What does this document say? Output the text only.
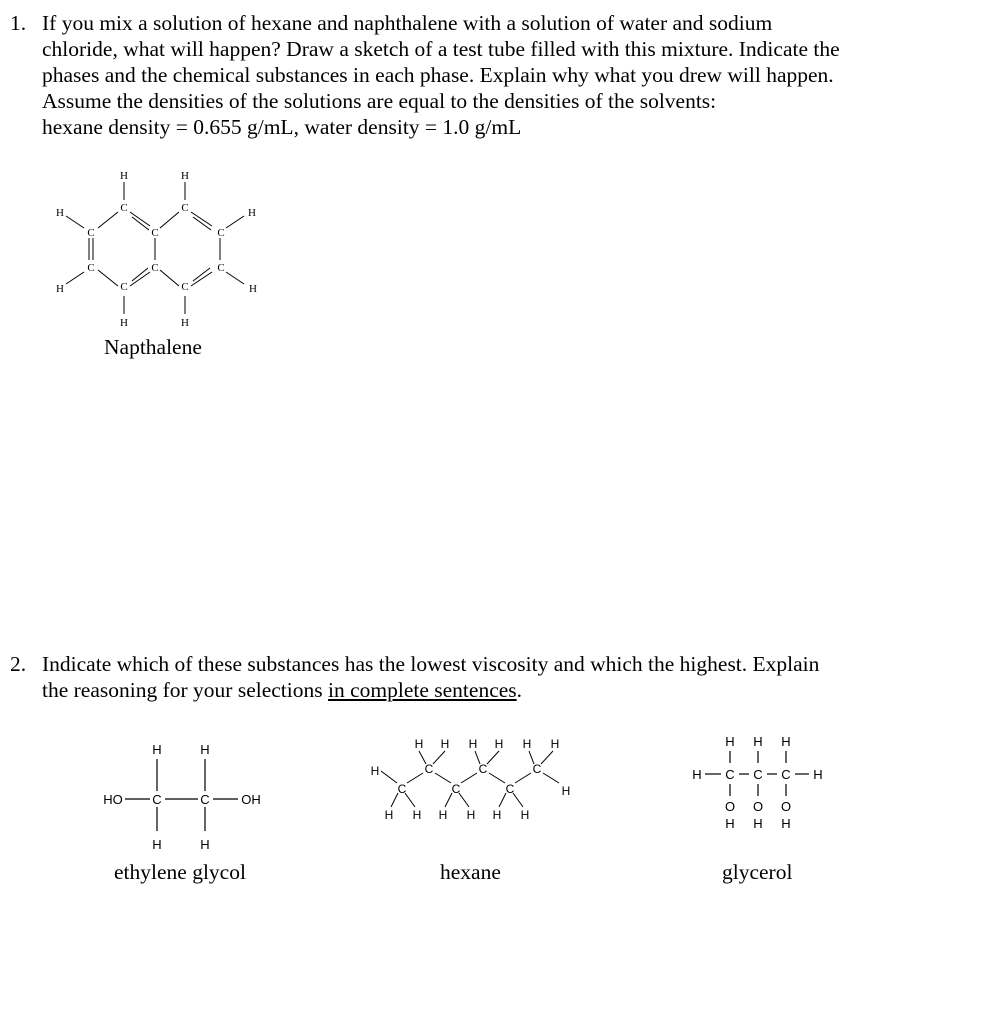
1. If you mix a solution of hexane and naphthalene with a solution of water and sodium
chloride, what will happen? Draw a sketch of a test tube filled with this mixture. Indicate the
phases and the chemical substances in each phase. Explain why what you drew will happen.
Assume the densities of the solutions are equal to the densities of the solvents:
hexane density = 0.655 g/mL, water density = 1.0 g/mL
H	H
C	C
H	H
C	C	C
C	C	C
H	H
C	C
H	H
Napthalene
2. Indicate which of these substances has the lowest viscosity and which the highest. Explain
the reasoning for your selections in complete sentences.
H	H
HO C	C OH
H	H
ethylene glycol
H H H H H H
H	C	C	C
C	C	C	H
H H H H H H
hexane
H H H
H C C C H
O O O
H H H
glycerol
